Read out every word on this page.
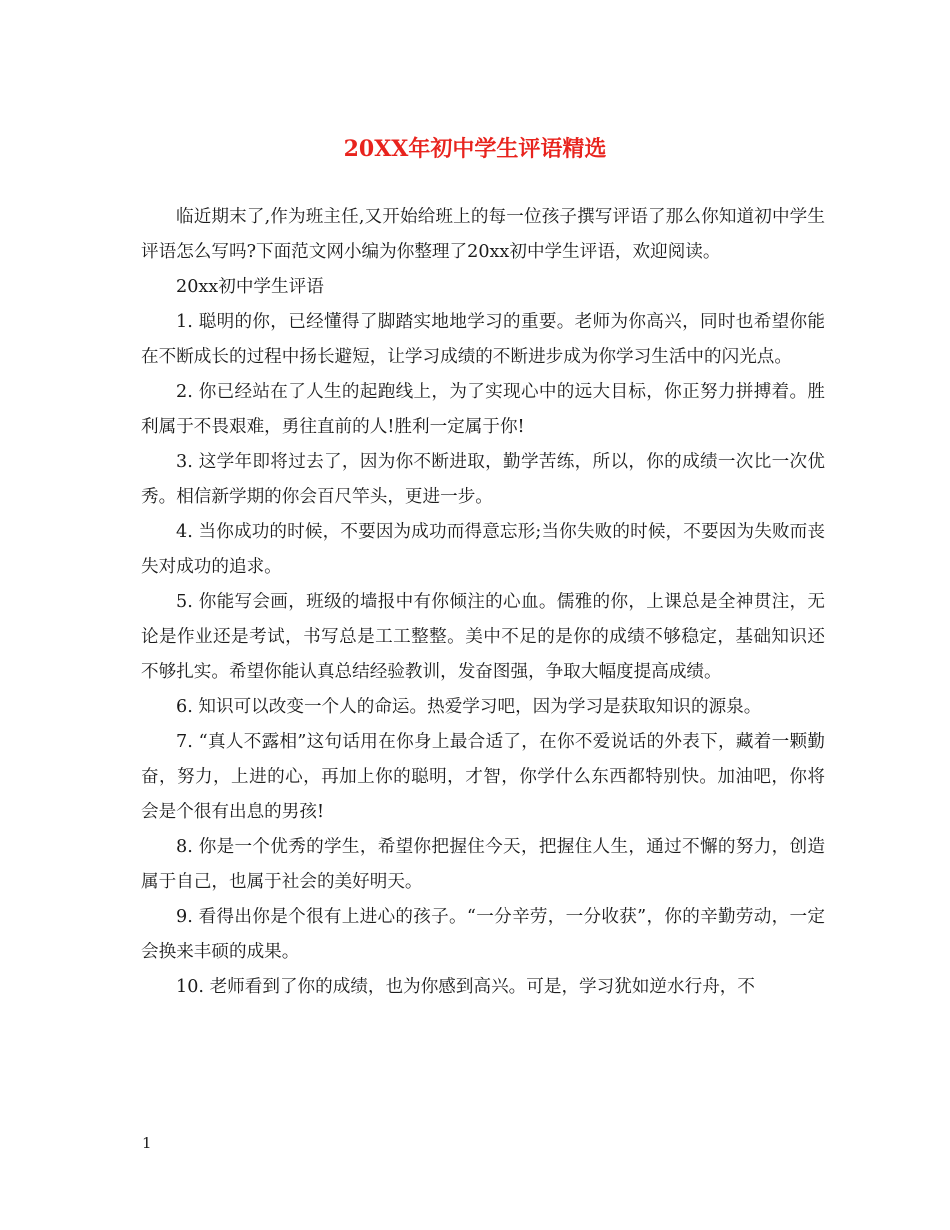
20XX年初中学生评语精选

临近期末了,作为班主任,又开始给班上的每一位孩子撰写评语了那么你知道初中学生评语怎么写吗?下面范文网小编为你整理了20xx初中学生评语，欢迎阅读。

20xx初中学生评语

1. 聪明的你，已经懂得了脚踏实地地学习的重要。老师为你高兴，同时也希望你能在不断成长的过程中扬长避短，让学习成绩的不断进步成为你学习生活中的闪光点。

2. 你已经站在了人生的起跑线上，为了实现心中的远大目标，你正努力拼搏着。胜利属于不畏艰难，勇往直前的人!胜利一定属于你!

3. 这学年即将过去了，因为你不断进取，勤学苦练，所以，你的成绩一次比一次优秀。相信新学期的你会百尺竿头，更进一步。

4. 当你成功的时候，不要因为成功而得意忘形;当你失败的时候，不要因为失败而丧失对成功的追求。

5. 你能写会画，班级的墙报中有你倾注的心血。儒雅的你，上课总是全神贯注，无论是作业还是考试，书写总是工工整整。美中不足的是你的成绩不够稳定，基础知识还不够扎实。希望你能认真总结经验教训，发奋图强，争取大幅度提高成绩。

6. 知识可以改变一个人的命运。热爱学习吧，因为学习是获取知识的源泉。

7. “真人不露相”这句话用在你身上最合适了，在你不爱说话的外表下，藏着一颗勤奋，努力，上进的心，再加上你的聪明，才智，你学什么东西都特别快。加油吧，你将会是个很有出息的男孩!

8. 你是一个优秀的学生，希望你把握住今天，把握住人生，通过不懈的努力，创造属于自己，也属于社会的美好明天。

9. 看得出你是个很有上进心的孩子。“一分辛劳，一分收获”，你的辛勤劳动，一定会换来丰硕的成果。

10. 老师看到了你的成绩，也为你感到高兴。可是，学习犹如逆水行舟，不

1
